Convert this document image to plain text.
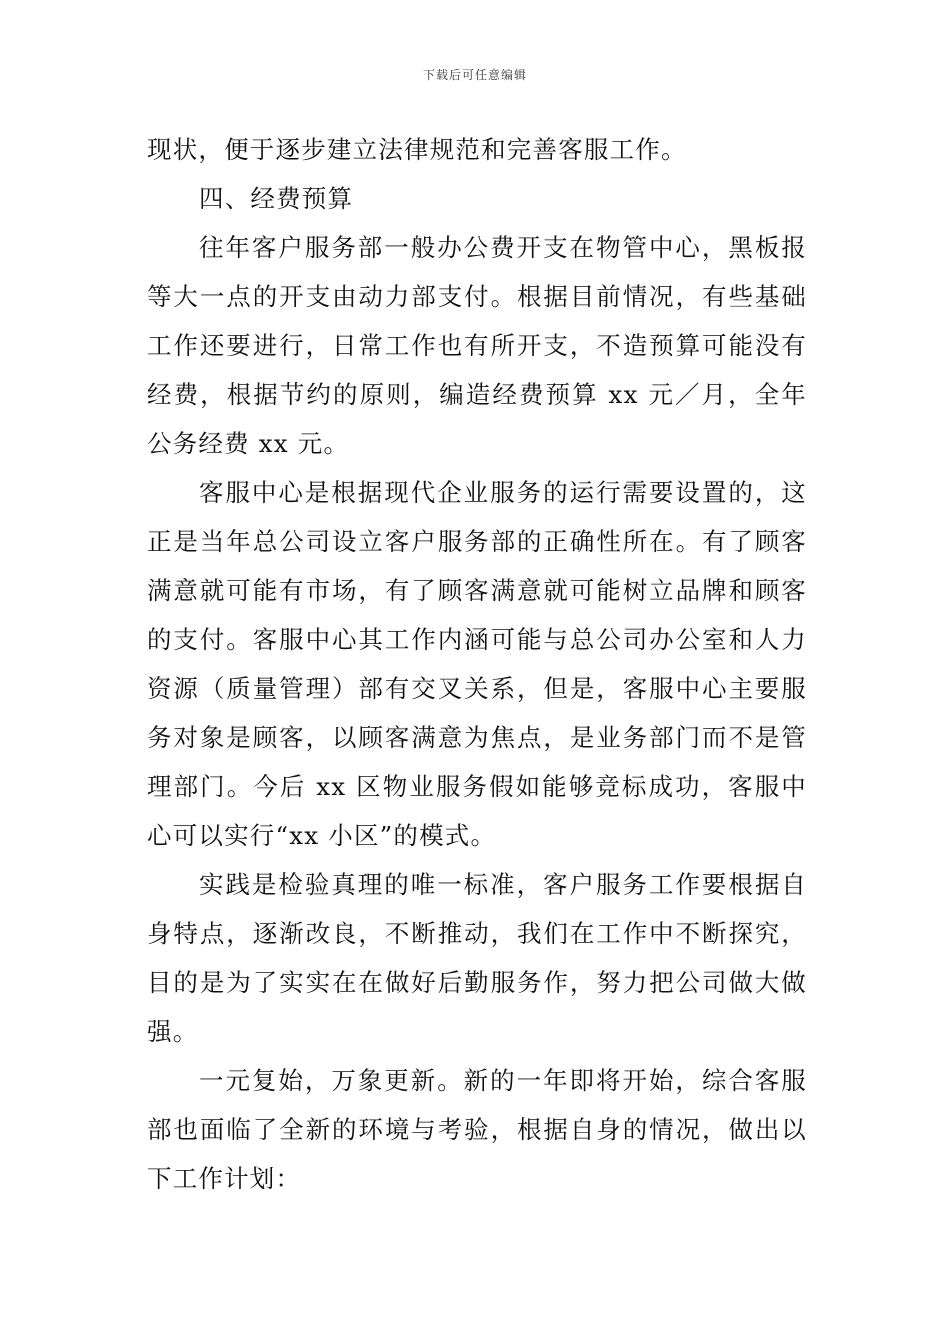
下载后可任意编辑

现状，便于逐步建立法律规范和完善客服工作。

四、经费预算

往年客户服务部一般办公费开支在物管中心，黑板报等大一点的开支由动力部支付。根据目前情况，有些基础工作还要进行，日常工作也有所开支，不造预算可能没有经费，根据节约的原则，编造经费预算 xx 元／月，全年公务经费 xx 元。

客服中心是根据现代企业服务的运行需要设置的，这正是当年总公司设立客户服务部的正确性所在。有了顾客满意就可能有市场，有了顾客满意就可能树立品牌和顾客的支付。客服中心其工作内涵可能与总公司办公室和人力资源（质量管理）部有交叉关系，但是，客服中心主要服务对象是顾客，以顾客满意为焦点，是业务部门而不是管理部门。今后 xx 区物业服务假如能够竞标成功，客服中心可以实行“xx 小区”的模式。

实践是检验真理的唯一标准，客户服务工作要根据自身特点，逐渐改良，不断推动，我们在工作中不断探究，目的是为了实实在在做好后勤服务作，努力把公司做大做强。

一元复始，万象更新。新的一年即将开始，综合客服部也面临了全新的环境与考验，根据自身的情况，做出以下工作计划：
